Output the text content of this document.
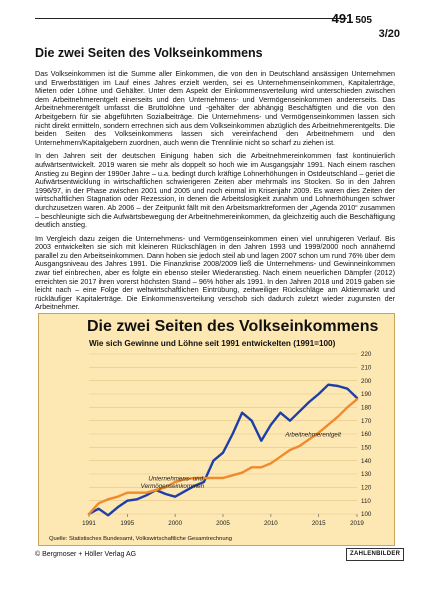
491 505
3/20
Die zwei Seiten des Volkseinkommens

Das Volkseinkommen ist die Summe aller Einkommen, die von den in Deutschland ansässigen Unternehmen und Erwerbstätigen im Lauf eines Jahres erzielt werden, sei es Unternehmenseinkommen, Kapitalerträge, Mieten oder Löhne und Gehälter. Unter dem Aspekt der Einkommensverteilung wird unterschieden zwischen dem Arbeitnehmerentgelt einerseits und den Unternehmens- und Vermögenseinkommen andererseits. Das Arbeitnehmerentgelt umfasst die Bruttolöhne und -gehälter der abhängig Beschäftigten und die von den Arbeitgebern für sie abgeführten Sozialbeiträge. Die Unternehmens- und Vermögenseinkommen lassen sich nicht direkt ermitteln, sondern errechnen sich aus dem Volkseinkommen abzüglich des Arbeitnehmerentgelts. Die beiden Seiten des Volkseinkommens lassen sich vereinfachend den Arbeitnehmern und den Unternehmern/Kapitalgebern zuordnen, auch wenn die Trennlinie nicht so scharf zu ziehen ist.

In den Jahren seit der deutschen Einigung haben sich die Arbeitnehmereinkommen fast kontinuierlich aufwärtsentwickelt. 2019 waren sie mehr als doppelt so hoch wie im Ausgangsjahr 1991. Nach einem raschen Anstieg zu Beginn der 1990er Jahre – u.a. bedingt durch kräftige Lohnerhöhungen in Ostdeutschland – geriet die Aufwärtsentwicklung in wirtschaftlichen schwierigeren Zeiten aber mehrmals ins Stocken. So in den Jahren 1996/97, in der Phase zwischen 2001 und 2005 und noch einmal im Krisenjahr 2009. Es waren dies Zeiten der wirtschaftlichen Stagnation oder Rezession, in denen die Arbeitslosigkeit zunahm und Lohnerhöhungen schwer durchzusetzen waren. Ab 2006 – der Zeitpunkt fällt mit den Arbeitsmarktreformen der „Agenda 2010“ zusammen – beschleunigte sich die Aufwärtsbewegung der Arbeitnehmereinkommen, da gleichzeitig auch die Beschäftigung deutlich anstieg.

Im Vergleich dazu zeigen die Unternehmens- und Vermögenseinkommen einen viel unruhigeren Verlauf. Bis 2003 entwickelten sie sich mit kleineren Rückschlägen in den Jahren 1993 und 1999/2000 noch annähernd parallel zu den Arbeitseinkommen. Dann hoben sie jedoch steil ab und lagen 2007 schon um rund 76% über dem Ausgangsniveau des Jahres 1991. Die Finanzkrise 2008/2009 ließ die Unternehmens- und Gewinneinkommen zwar tief einbrechen, aber es folgte ein ebenso steiler Wiederanstieg. Nach einem neuerlichen Dämpfer (2012) erreichten sie 2017 ihren vorerst höchsten Stand – 96% höher als 1991. In den Jahren 2018 und 2019 gaben sie leicht nach – eine Folge der weltwirtschaftlichen Eintrübung, zeitweiliger Rückschläge am Aktienmarkt und rückläufiger Kapitalerträge. Die Einkommensverteilung verschob sich dadurch zuletzt wieder zugunsten der Arbeitnehmer.

100
110
120
130
140
150
160
170
180
190
200
210
220
1991	1995	2000	2005	2010	2015	2019
Unternehmens- und Vermögenseinkommen
Arbeitnehmerentgelt
Die zwei Seiten des Volkseinkommens
Wie sich Gewinne und Löhne seit 1991 entwickelten (1991=100)
Quelle: Statistisches Bundesamt, Volkswirtschaftliche Gesamtrechnung
© Bergmoser + Höller Verlag AG	ZAHLENBILDER
